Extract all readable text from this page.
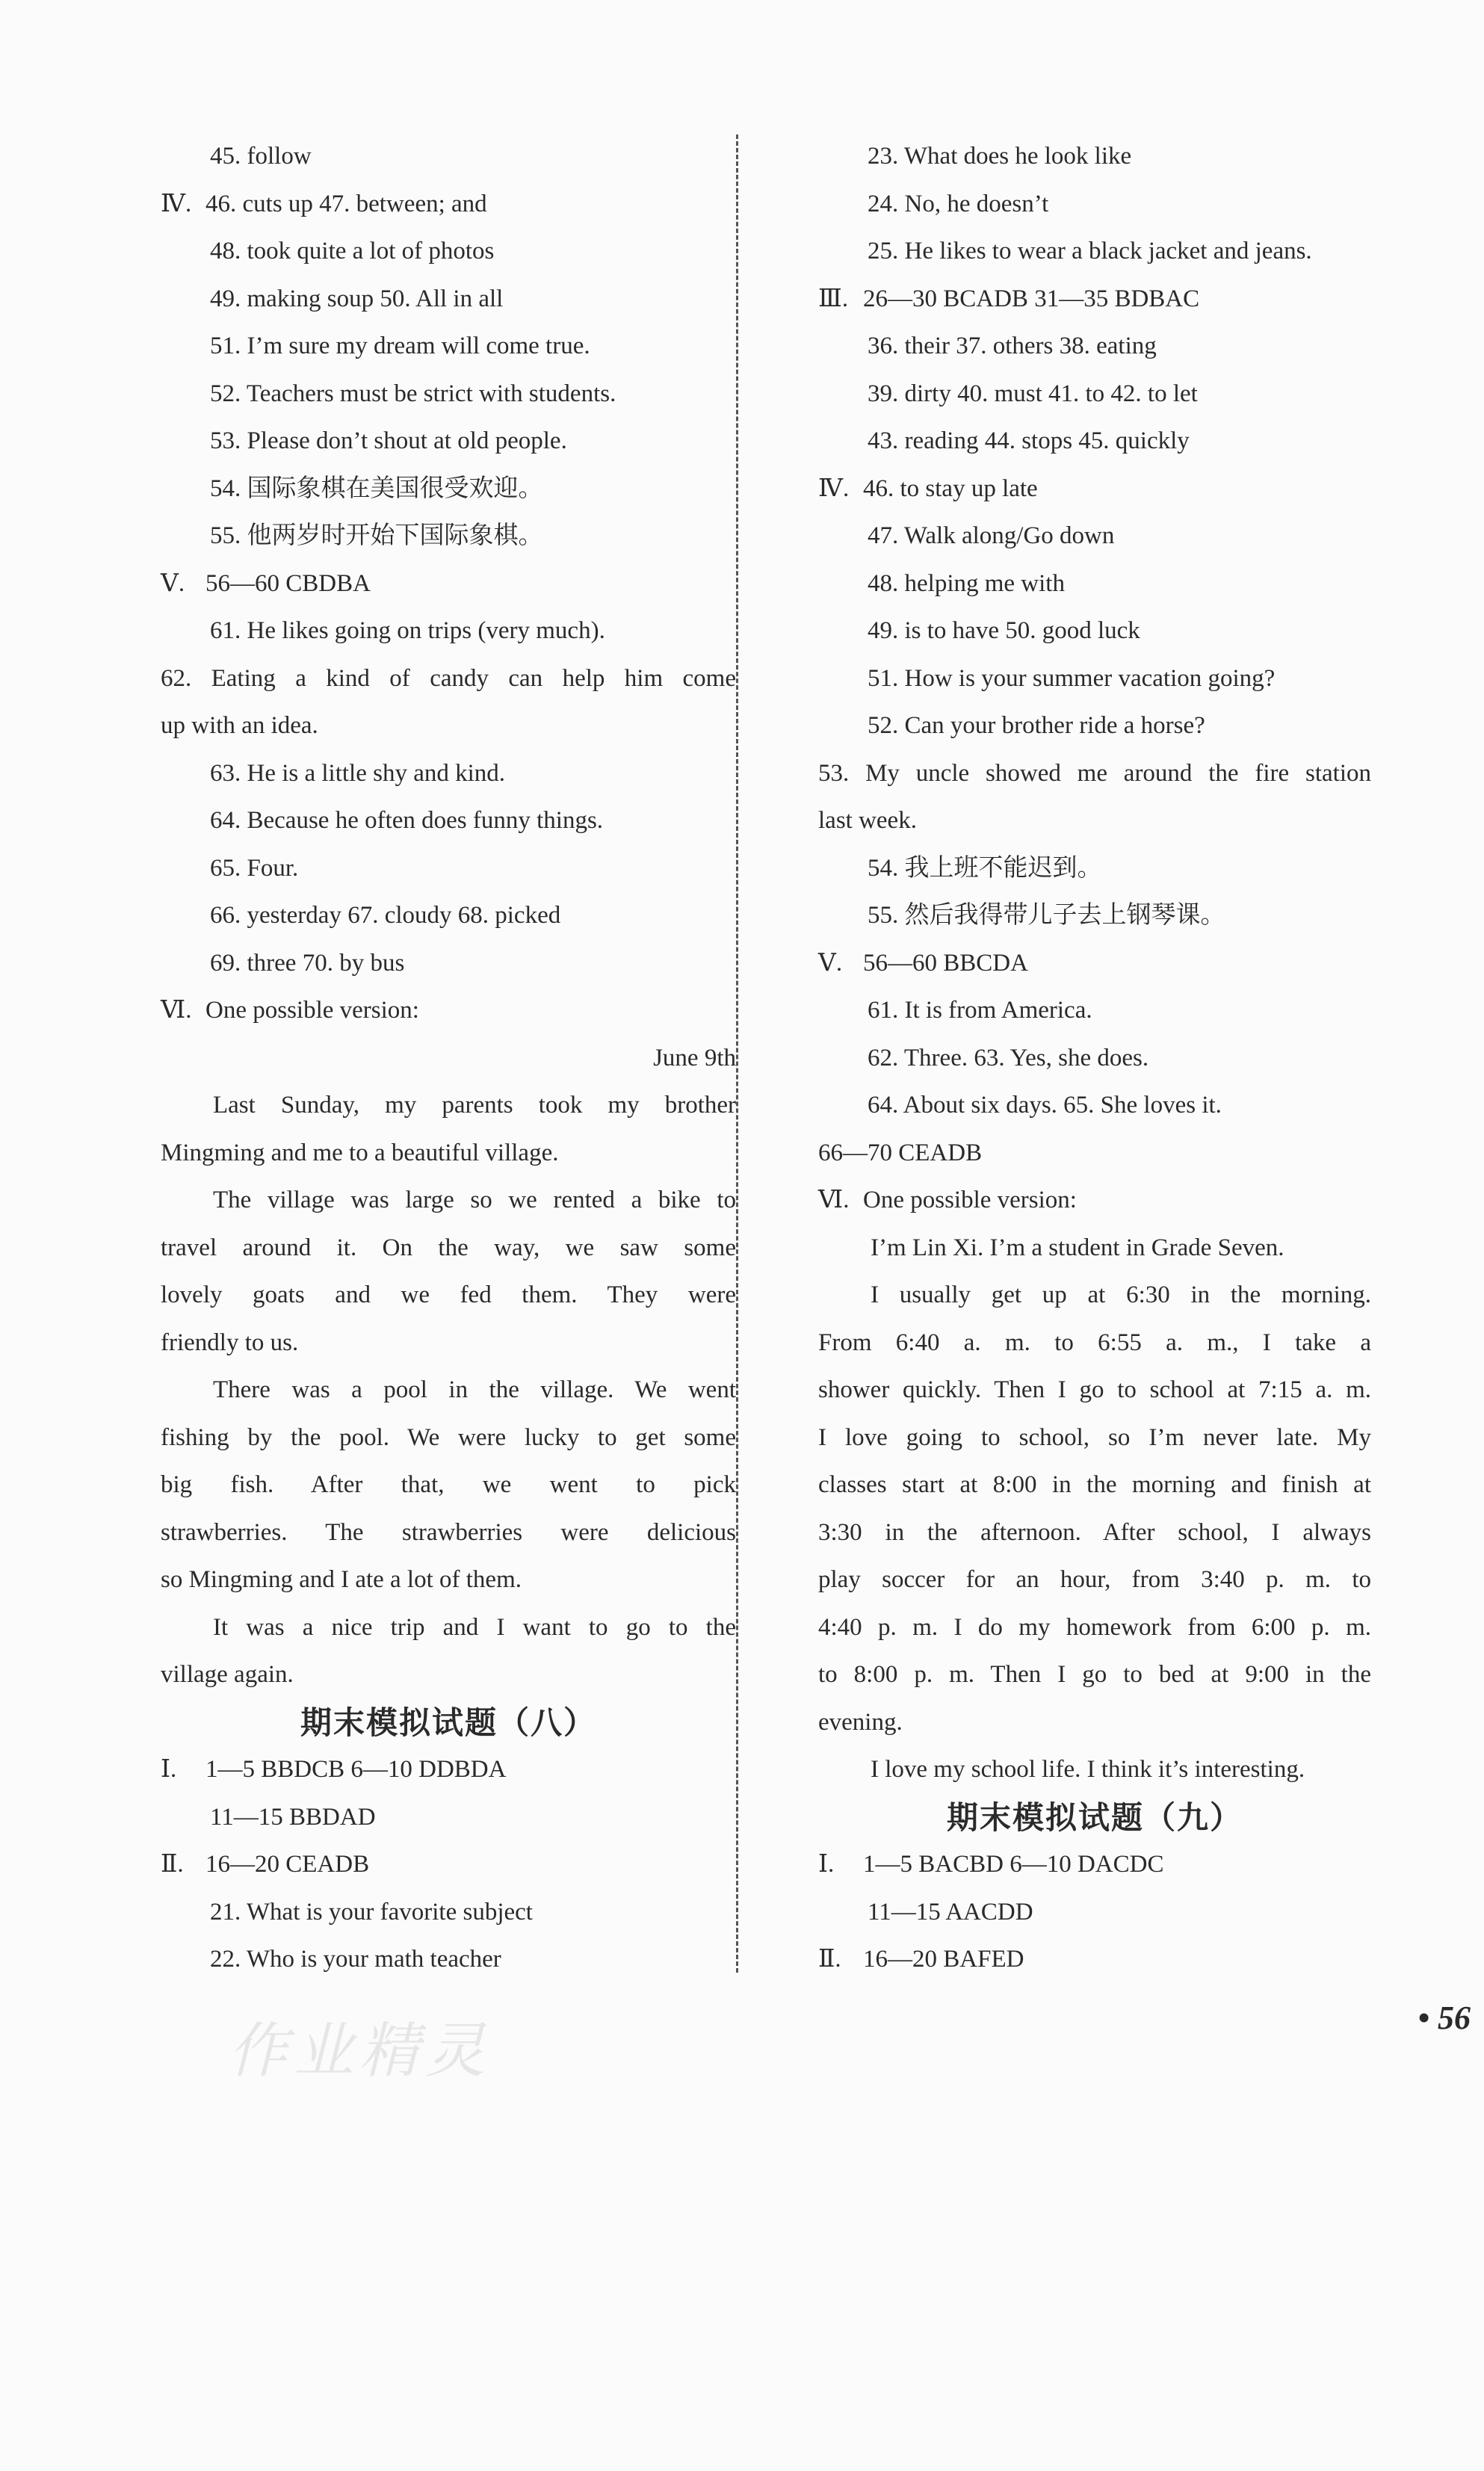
45. follow
Ⅳ. 46. cuts up 47. between; and
48. took quite a lot of photos
49. making soup 50. All in all
51. I’m sure my dream will come true.
52. Teachers must be strict with students.
53. Please don’t shout at old people.
54. 国际象棋在美国很受欢迎。
55. 他两岁时开始下国际象棋。
Ⅴ. 56—60 CBDBA
61. He likes going on trips (very much).
62. Eating a kind of candy can help him come
up with an idea.
63. He is a little shy and kind.
64. Because he often does funny things.
65. Four.
66. yesterday 67. cloudy 68. picked
69. three 70. by bus
Ⅵ. One possible version:
June 9th
Last Sunday, my parents took my brother
Mingming and me to a beautiful village.
The village was large so we rented a bike to
travel around it. On the way, we saw some
lovely goats and we fed them. They were
friendly to us.
There was a pool in the village. We went
fishing by the pool. We were lucky to get some
big fish. After that, we went to pick
strawberries. The strawberries were delicious
so Mingming and I ate a lot of them.
It was a nice trip and I want to go to the
village again.
期末模拟试题（八）
Ⅰ. 1—5 BBDCB 6—10 DDBDA
11—15 BBDAD
Ⅱ. 16—20 CEADB
21. What is your favorite subject
22. Who is your math teacher
23. What does he look like
24. No, he doesn’t
25. He likes to wear a black jacket and jeans.
Ⅲ. 26—30 BCADB 31—35 BDBAC
36. their 37. others 38. eating
39. dirty 40. must 41. to 42. to let
43. reading 44. stops 45. quickly
Ⅳ. 46. to stay up late
47. Walk along/Go down
48. helping me with
49. is to have 50. good luck
51. How is your summer vacation going?
52. Can your brother ride a horse?
53. My uncle showed me around the fire station
last week.
54. 我上班不能迟到。
55. 然后我得带儿子去上钢琴课。
Ⅴ. 56—60 BBCDA
61. It is from America.
62. Three. 63. Yes, she does.
64. About six days. 65. She loves it.
66—70 CEADB
Ⅵ. One possible version:
I’m Lin Xi. I’m a student in Grade Seven.
I usually get up at 6:30 in the morning.
From 6:40 a. m. to 6:55 a. m., I take a
shower quickly. Then I go to school at 7:15 a. m.
I love going to school, so I’m never late. My
classes start at 8:00 in the morning and finish at
3:30 in the afternoon. After school, I always
play soccer for an hour, from 3:40 p. m. to
4:40 p. m. I do my homework from 6:00 p. m.
to 8:00 p. m. Then I go to bed at 9:00 in the
evening.
I love my school life. I think it’s interesting.
期末模拟试题（九）
Ⅰ. 1—5 BACBD 6—10 DACDC
11—15 AACDD
Ⅱ. 16—20 BAFED
作业精灵	• 56
